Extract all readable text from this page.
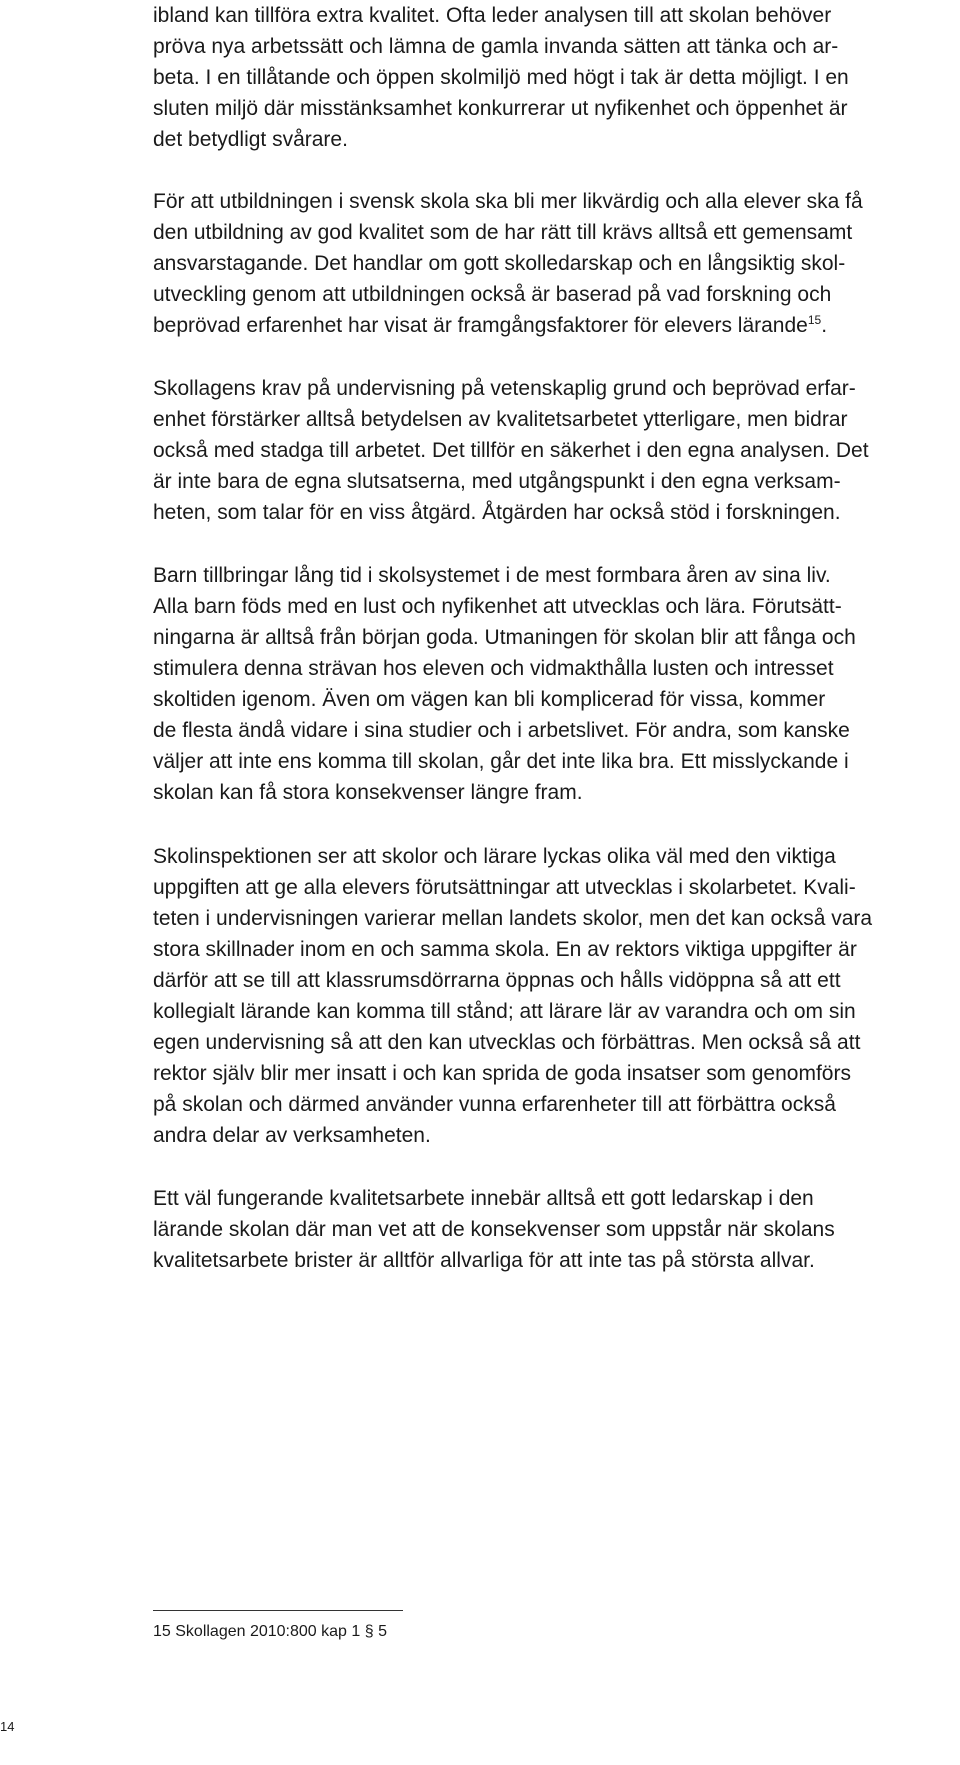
ibland kan tillföra extra kvalitet. Ofta leder analysen till att skolan behöver
pröva nya arbetssätt och lämna de gamla invanda sätten att tänka och ar-
beta. I en tillåtande och öppen skolmiljö med högt i tak är detta möjligt. I en
sluten miljö där misstänksamhet konkurrerar ut nyfikenhet och öppenhet är
det betydligt svårare.

För att utbildningen i svensk skola ska bli mer likvärdig och alla elever ska få
den utbildning av god kvalitet som de har rätt till krävs alltså ett gemensamt
ansvarstagande. Det handlar om gott skolledarskap och en långsiktig skol-
utveckling genom att utbildningen också är baserad på vad forskning och
beprövad erfarenhet har visat är framgångsfaktorer för elevers lärande$^{15}$.

Skollagens krav på undervisning på vetenskaplig grund och beprövad erfar-
enhet förstärker alltså betydelsen av kvalitetsarbetet ytterligare, men bidrar
också med stadga till arbetet. Det tillför en säkerhet i den egna analysen. Det
är inte bara de egna slutsatserna, med utgångspunkt i den egna verksam-
heten, som talar för en viss åtgärd. Åtgärden har också stöd i forskningen.

Barn tillbringar lång tid i skolsystemet i de mest formbara åren av sina liv.
Alla barn föds med en lust och nyfikenhet att utvecklas och lära. Förutsätt-
ningarna är alltså från början goda. Utmaningen för skolan blir att fånga och
stimulera denna strävan hos eleven och vidmakthålla lusten och intresset
skoltiden igenom. Även om vägen kan bli komplicerad för vissa, kommer
de flesta ändå vidare i sina studier och i arbetslivet. För andra, som kanske
väljer att inte ens komma till skolan, går det inte lika bra. Ett misslyckande i
skolan kan få stora konsekvenser längre fram.

Skolinspektionen ser att skolor och lärare lyckas olika väl med den viktiga
uppgiften att ge alla elevers förutsättningar att utvecklas i skolarbetet. Kvali-
teten i undervisningen varierar mellan landets skolor, men det kan också vara
stora skillnader inom en och samma skola. En av rektors viktiga uppgifter är
därför att se till att klassrumsdörrarna öppnas och hålls vidöppna så att ett
kollegialt lärande kan komma till stånd; att lärare lär av varandra och om sin
egen undervisning så att den kan utvecklas och förbättras. Men också så att
rektor själv blir mer insatt i och kan sprida de goda insatser som genomförs
på skolan och därmed använder vunna erfarenheter till att förbättra också
andra delar av verksamheten.

Ett väl fungerande kvalitetsarbete innebär alltså ett gott ledarskap i den
lärande skolan där man vet att de konsekvenser som uppstår när skolans
kvalitetsarbete brister är alltför allvarliga för att inte tas på största allvar.

15 Skollagen 2010:800 kap 1 § 5

14
